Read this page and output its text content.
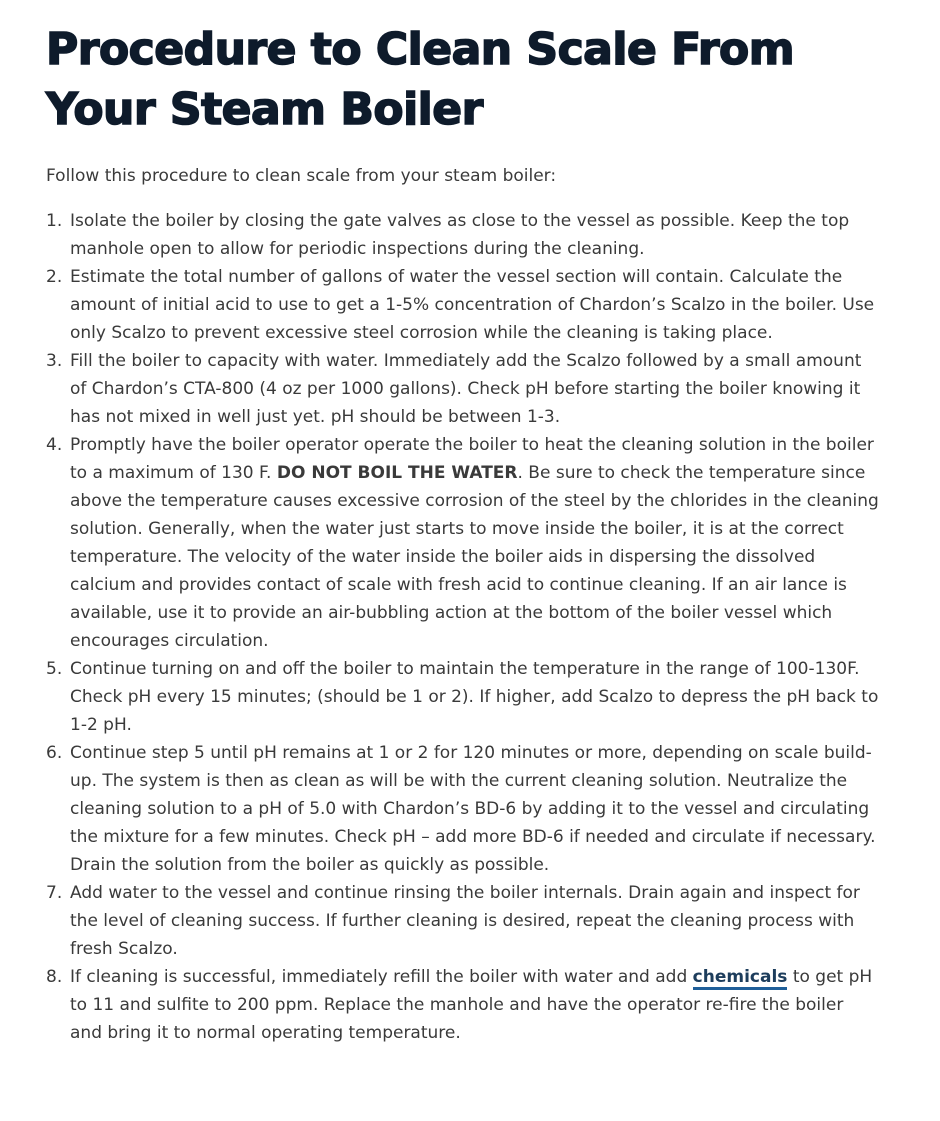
Procedure to Clean Scale From Your Steam Boiler

Follow this procedure to clean scale from your steam boiler:

1. Isolate the boiler by closing the gate valves as close to the vessel as possible. Keep the top manhole open to allow for periodic inspections during the cleaning.
2. Estimate the total number of gallons of water the vessel section will contain. Calculate the amount of initial acid to use to get a 1-5% concentration of Chardon’s Scalzo in the boiler. Use only Scalzo to prevent excessive steel corrosion while the cleaning is taking place.
3. Fill the boiler to capacity with water. Immediately add the Scalzo followed by a small amount of Chardon’s CTA-800 (4 oz per 1000 gallons). Check pH before starting the boiler knowing it has not mixed in well just yet. pH should be between 1-3.
4. Promptly have the boiler operator operate the boiler to heat the cleaning solution in the boiler to a maximum of 130 F. DO NOT BOIL THE WATER. Be sure to check the temperature since above the temperature causes excessive corrosion of the steel by the chlorides in the cleaning solution. Generally, when the water just starts to move inside the boiler, it is at the correct temperature. The velocity of the water inside the boiler aids in dispersing the dissolved calcium and provides contact of scale with fresh acid to continue cleaning. If an air lance is available, use it to provide an air-bubbling action at the bottom of the boiler vessel which encourages circulation.
5. Continue turning on and off the boiler to maintain the temperature in the range of 100-130F. Check pH every 15 minutes; (should be 1 or 2). If higher, add Scalzo to depress the pH back to 1-2 pH.
6. Continue step 5 until pH remains at 1 or 2 for 120 minutes or more, depending on scale build-up. The system is then as clean as will be with the current cleaning solution. Neutralize the cleaning solution to a pH of 5.0 with Chardon’s BD-6 by adding it to the vessel and circulating the mixture for a few minutes. Check pH – add more BD-6 if needed and circulate if necessary. Drain the solution from the boiler as quickly as possible.
7. Add water to the vessel and continue rinsing the boiler internals. Drain again and inspect for the level of cleaning success. If further cleaning is desired, repeat the cleaning process with fresh Scalzo.
8. If cleaning is successful, immediately refill the boiler with water and add chemicals to get pH to 11 and sulfite to 200 ppm. Replace the manhole and have the operator re-fire the boiler and bring it to normal operating temperature.
